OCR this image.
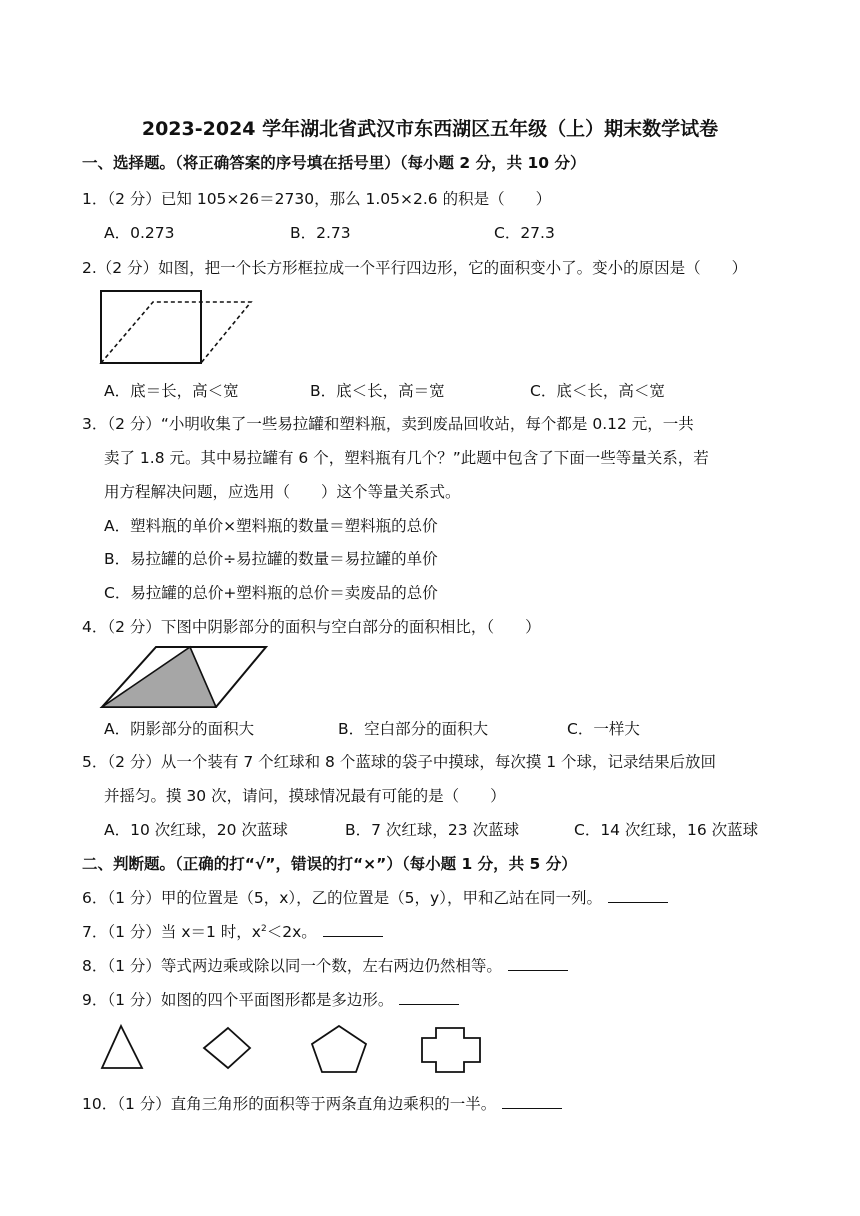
2023-2024 学年湖北省武汉市东西湖区五年级（上）期末数学试卷
一、选择题。（将正确答案的序号填在括号里）（每小题 2 分，共 10 分）
1．（2 分）已知 105×26＝2730，那么 1.05×2.6 的积是（　　）
A．0.273	B．2.73	C．27.3
2.（2 分）如图，把一个长方形框拉成一个平行四边形，它的面积变小了。变小的原因是（　　）
A．底＝长，高＜宽	B．底＜长，高＝宽	C．底＜长，高＜宽
3．（2 分）“小明收集了一些易拉罐和塑料瓶，卖到废品回收站，每个都是 0.12 元，一共
卖了 1.8 元。其中易拉罐有 6 个，塑料瓶有几个？”此题中包含了下面一些等量关系，若
用方程解决问题，应选用（　　）这个等量关系式。
A．塑料瓶的单价×塑料瓶的数量＝塑料瓶的总价
B．易拉罐的总价÷易拉罐的数量＝易拉罐的单价
C．易拉罐的总价+塑料瓶的总价＝卖废品的总价
4．（2 分）下图中阴影部分的面积与空白部分的面积相比，（　　）
A．阴影部分的面积大	B．空白部分的面积大	C．一样大
5．（2 分）从一个装有 7 个红球和 8 个蓝球的袋子中摸球，每次摸 1 个球，记录结果后放回
并摇匀。摸 30 次，请问，摸球情况最有可能的是（　　）
A．10 次红球，20 次蓝球	B．7 次红球，23 次蓝球	C．14 次红球，16 次蓝球
二、判断题。（正确的打“√”，错误的打“×”）（每小题 1 分，共 5 分）
6．（1 分）甲的位置是（5，x），乙的位置是（5，y），甲和乙站在同一列。
7．（1 分）当 x＝1 时，$x^2<2x$。
8．（1 分）等式两边乘或除以同一个数，左右两边仍然相等。
9．（1 分）如图的四个平面图形都是多边形。
10．（1 分）直角三角形的面积等于两条直角边乘积的一半。
